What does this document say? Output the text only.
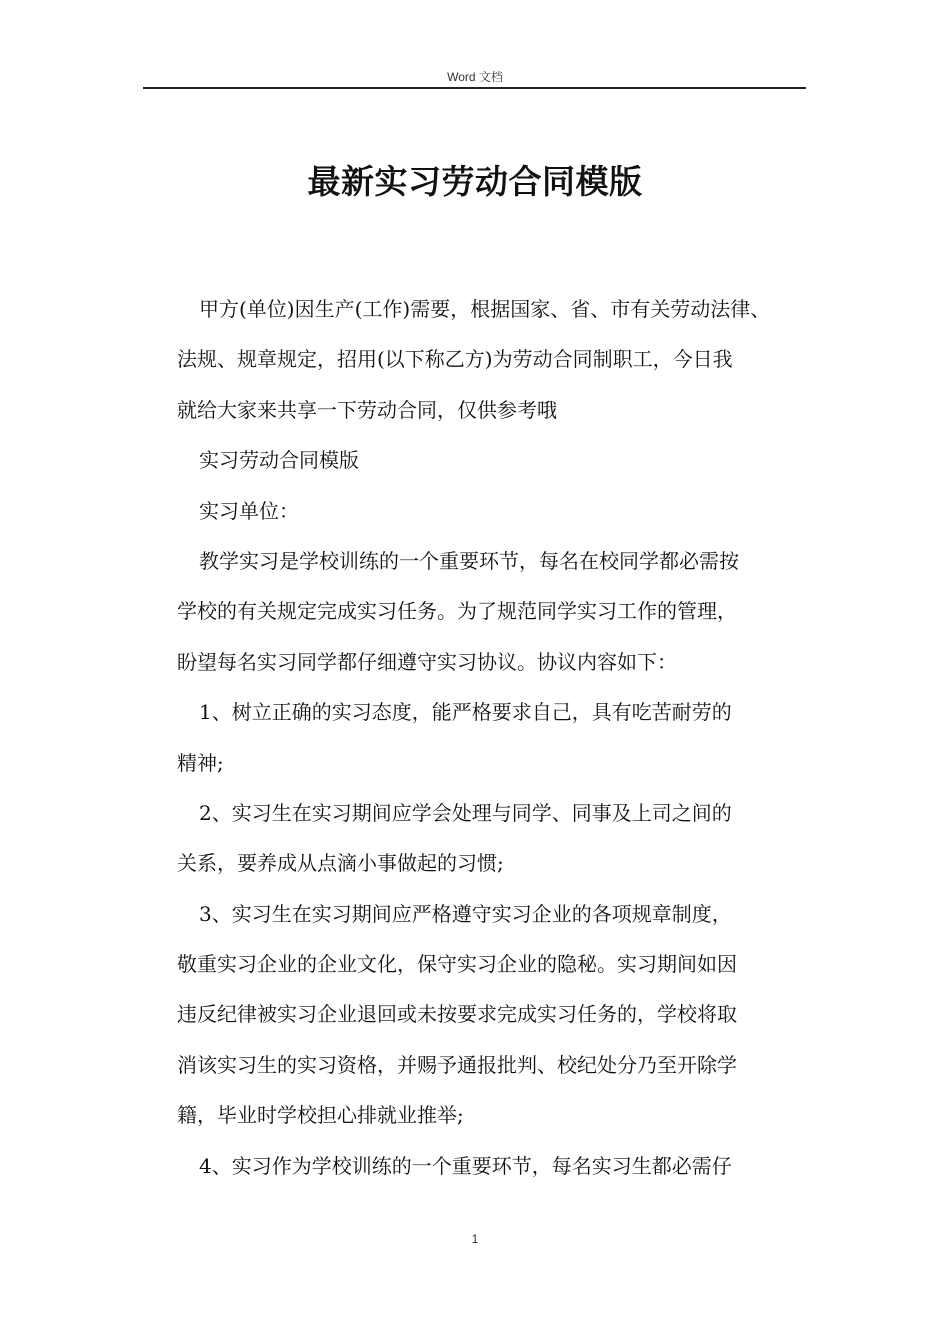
Word 文档
最新实习劳动合同模版
甲方(单位)因生产(工作)需要，根据国家、省、市有关劳动法律、
法规、规章规定，招用(以下称乙方)为劳动合同制职工，今日我
就给大家来共享一下劳动合同，仅供参考哦
实习劳动合同模版
实习单位：
教学实习是学校训练的一个重要环节，每名在校同学都必需按
学校的有关规定完成实习任务。为了规范同学实习工作的管理，
盼望每名实习同学都仔细遵守实习协议。协议内容如下：
1、树立正确的实习态度，能严格要求自己，具有吃苦耐劳的
精神;
2、实习生在实习期间应学会处理与同学、同事及上司之间的
关系，要养成从点滴小事做起的习惯;
3、实习生在实习期间应严格遵守实习企业的各项规章制度，
敬重实习企业的企业文化，保守实习企业的隐秘。实习期间如因
违反纪律被实习企业退回或未按要求完成实习任务的，学校将取
消该实习生的实习资格，并赐予通报批判、校纪处分乃至开除学
籍，毕业时学校担心排就业推举;
4、实习作为学校训练的一个重要环节，每名实习生都必需仔
1
